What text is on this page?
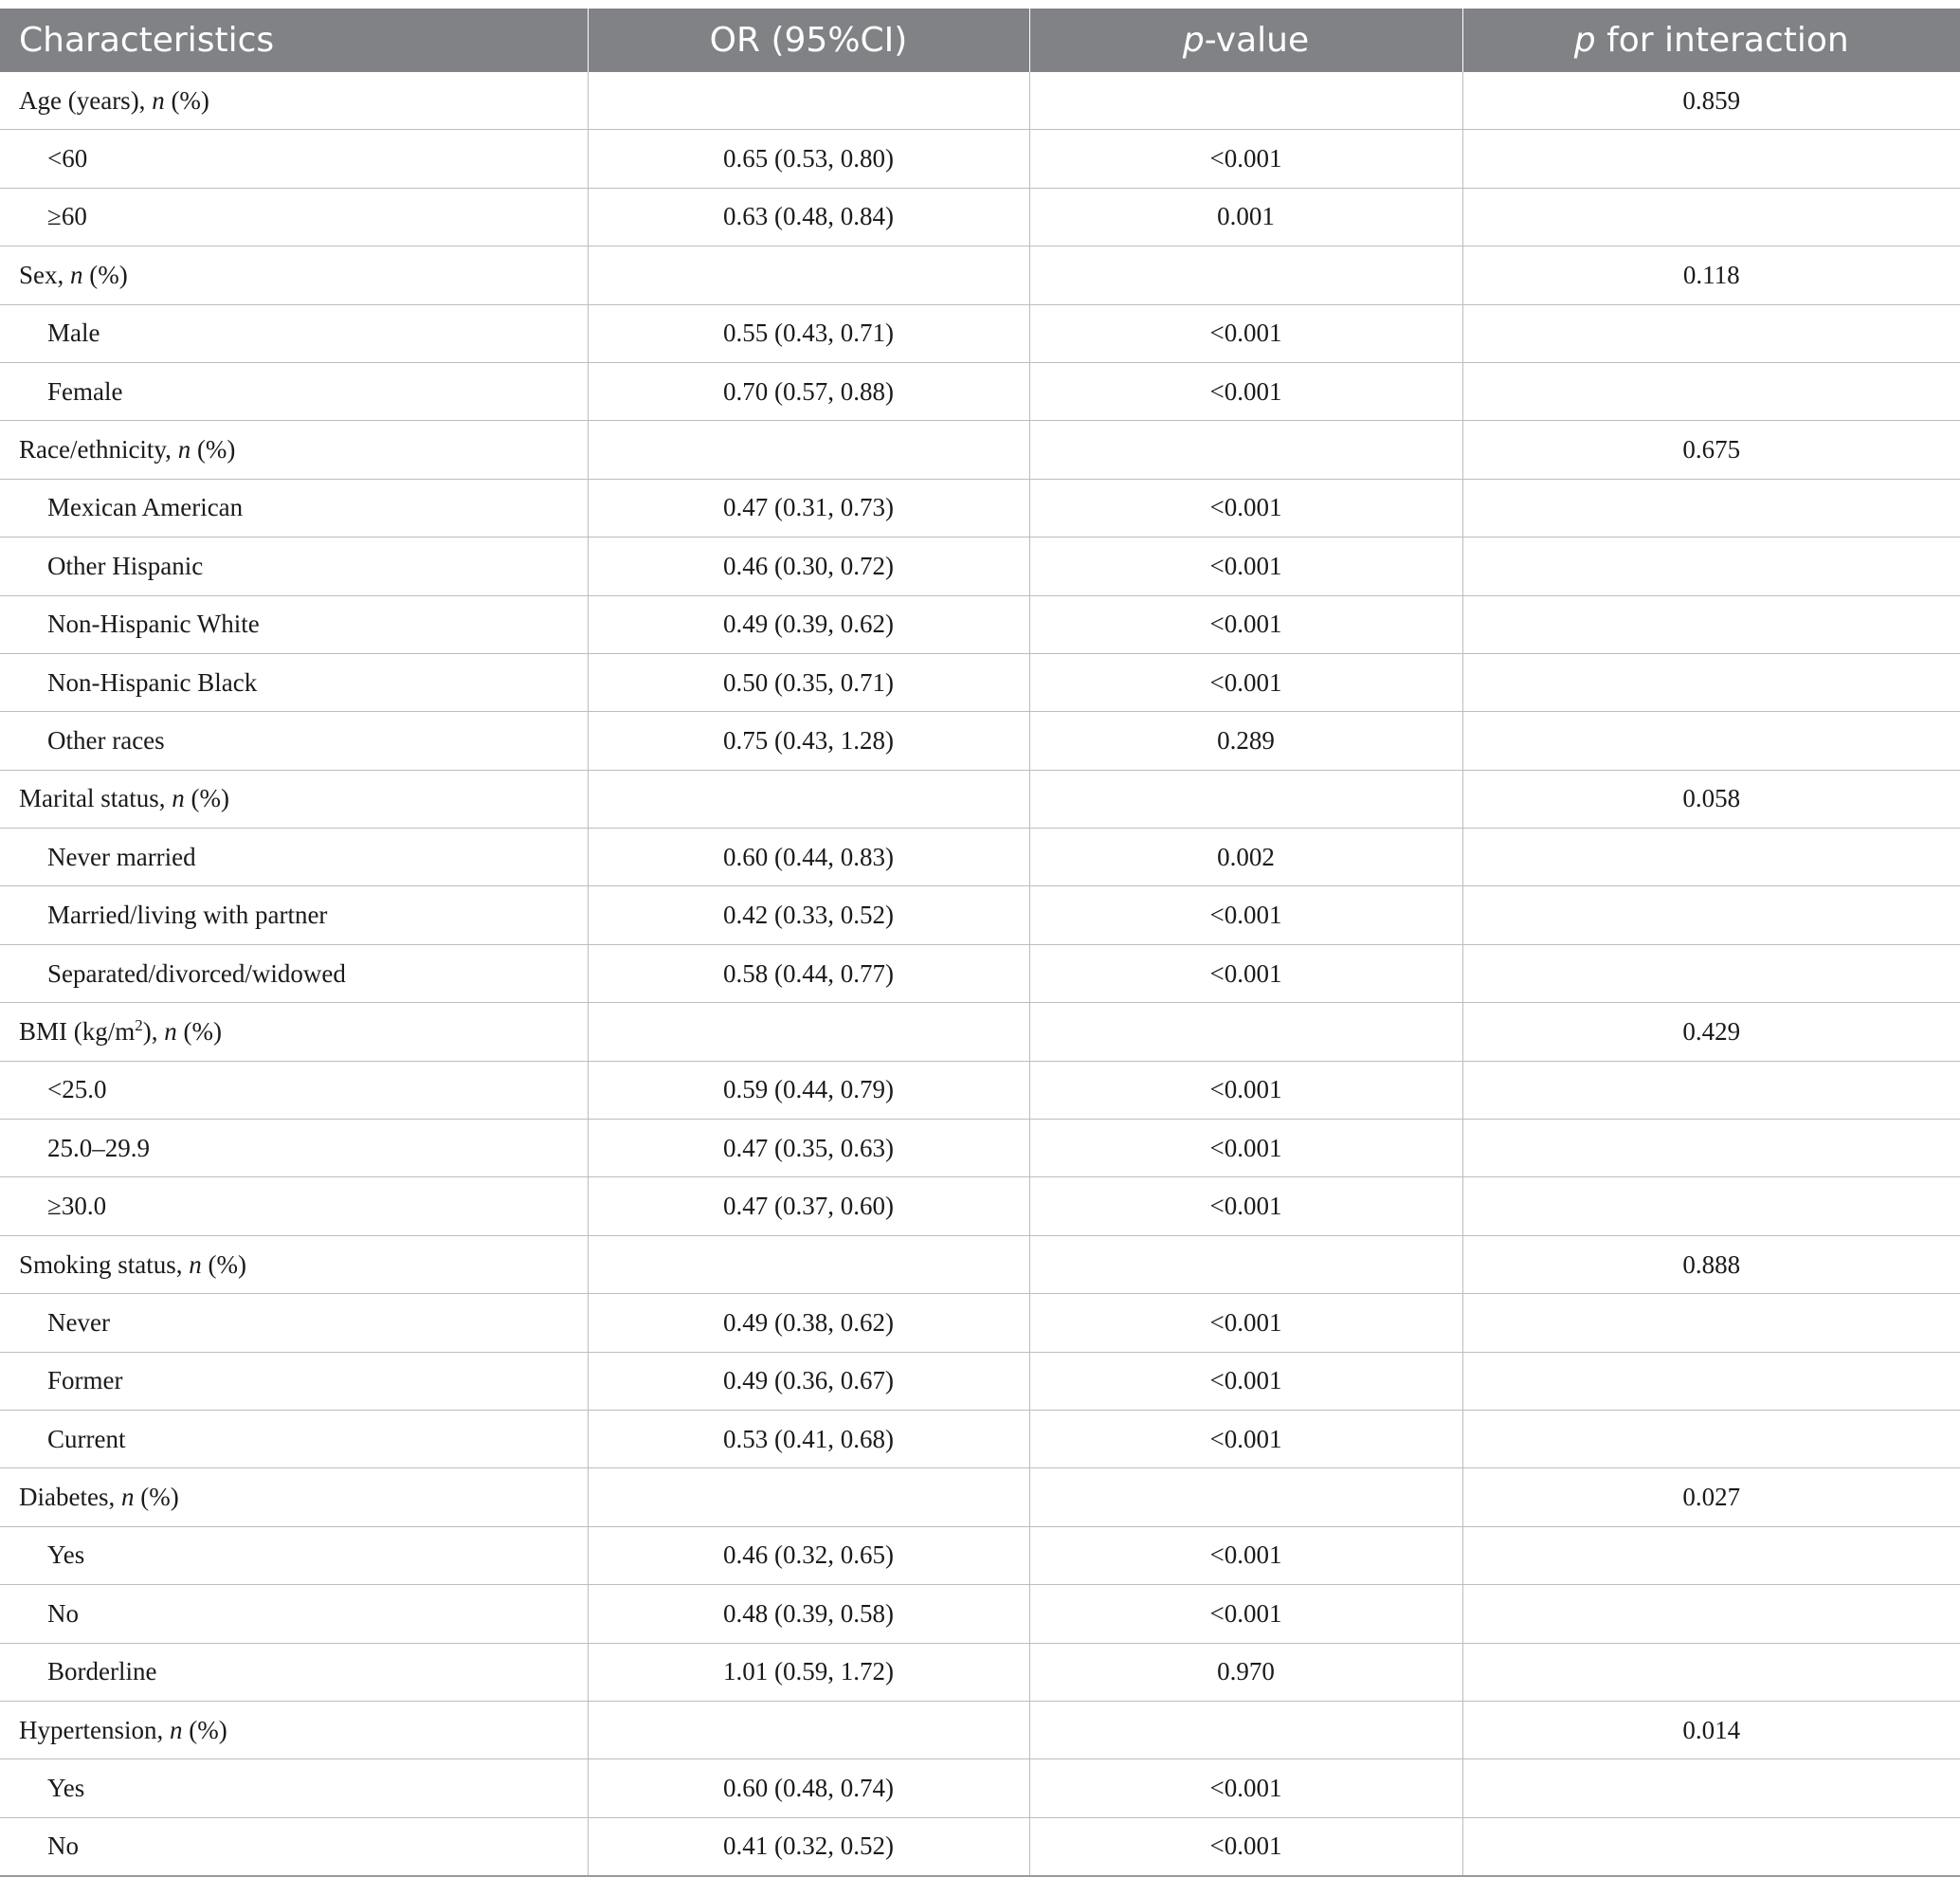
Characteristics	OR (95%CI)	p-value	p for interaction
Age (years), n (%)			0.859
<60	0.65 (0.53, 0.80)	<0.001	
≥60	0.63 (0.48, 0.84)	0.001	
Sex, n (%)			0.118
Male	0.55 (0.43, 0.71)	<0.001	
Female	0.70 (0.57, 0.88)	<0.001	
Race/ethnicity, n (%)			0.675
Mexican American	0.47 (0.31, 0.73)	<0.001	
Other Hispanic	0.46 (0.30, 0.72)	<0.001	
Non-Hispanic White	0.49 (0.39, 0.62)	<0.001	
Non-Hispanic Black	0.50 (0.35, 0.71)	<0.001	
Other races	0.75 (0.43, 1.28)	0.289	
Marital status, n (%)			0.058
Never married	0.60 (0.44, 0.83)	0.002	
Married/living with partner	0.42 (0.33, 0.52)	<0.001	
Separated/divorced/widowed	0.58 (0.44, 0.77)	<0.001	
BMI $(kg/m^2)$, n (%)			0.429
<25.0	0.59 (0.44, 0.79)	<0.001	
25.0–29.9	0.47 (0.35, 0.63)	<0.001	
≥30.0	0.47 (0.37, 0.60)	<0.001	
Smoking status, n (%)			0.888
Never	0.49 (0.38, 0.62)	<0.001	
Former	0.49 (0.36, 0.67)	<0.001	
Current	0.53 (0.41, 0.68)	<0.001	
Diabetes, n (%)			0.027
Yes	0.46 (0.32, 0.65)	<0.001	
No	0.48 (0.39, 0.58)	<0.001	
Borderline	1.01 (0.59, 1.72)	0.970	
Hypertension, n (%)			0.014
Yes	0.60 (0.48, 0.74)	<0.001	
No	0.41 (0.32, 0.52)	<0.001	
